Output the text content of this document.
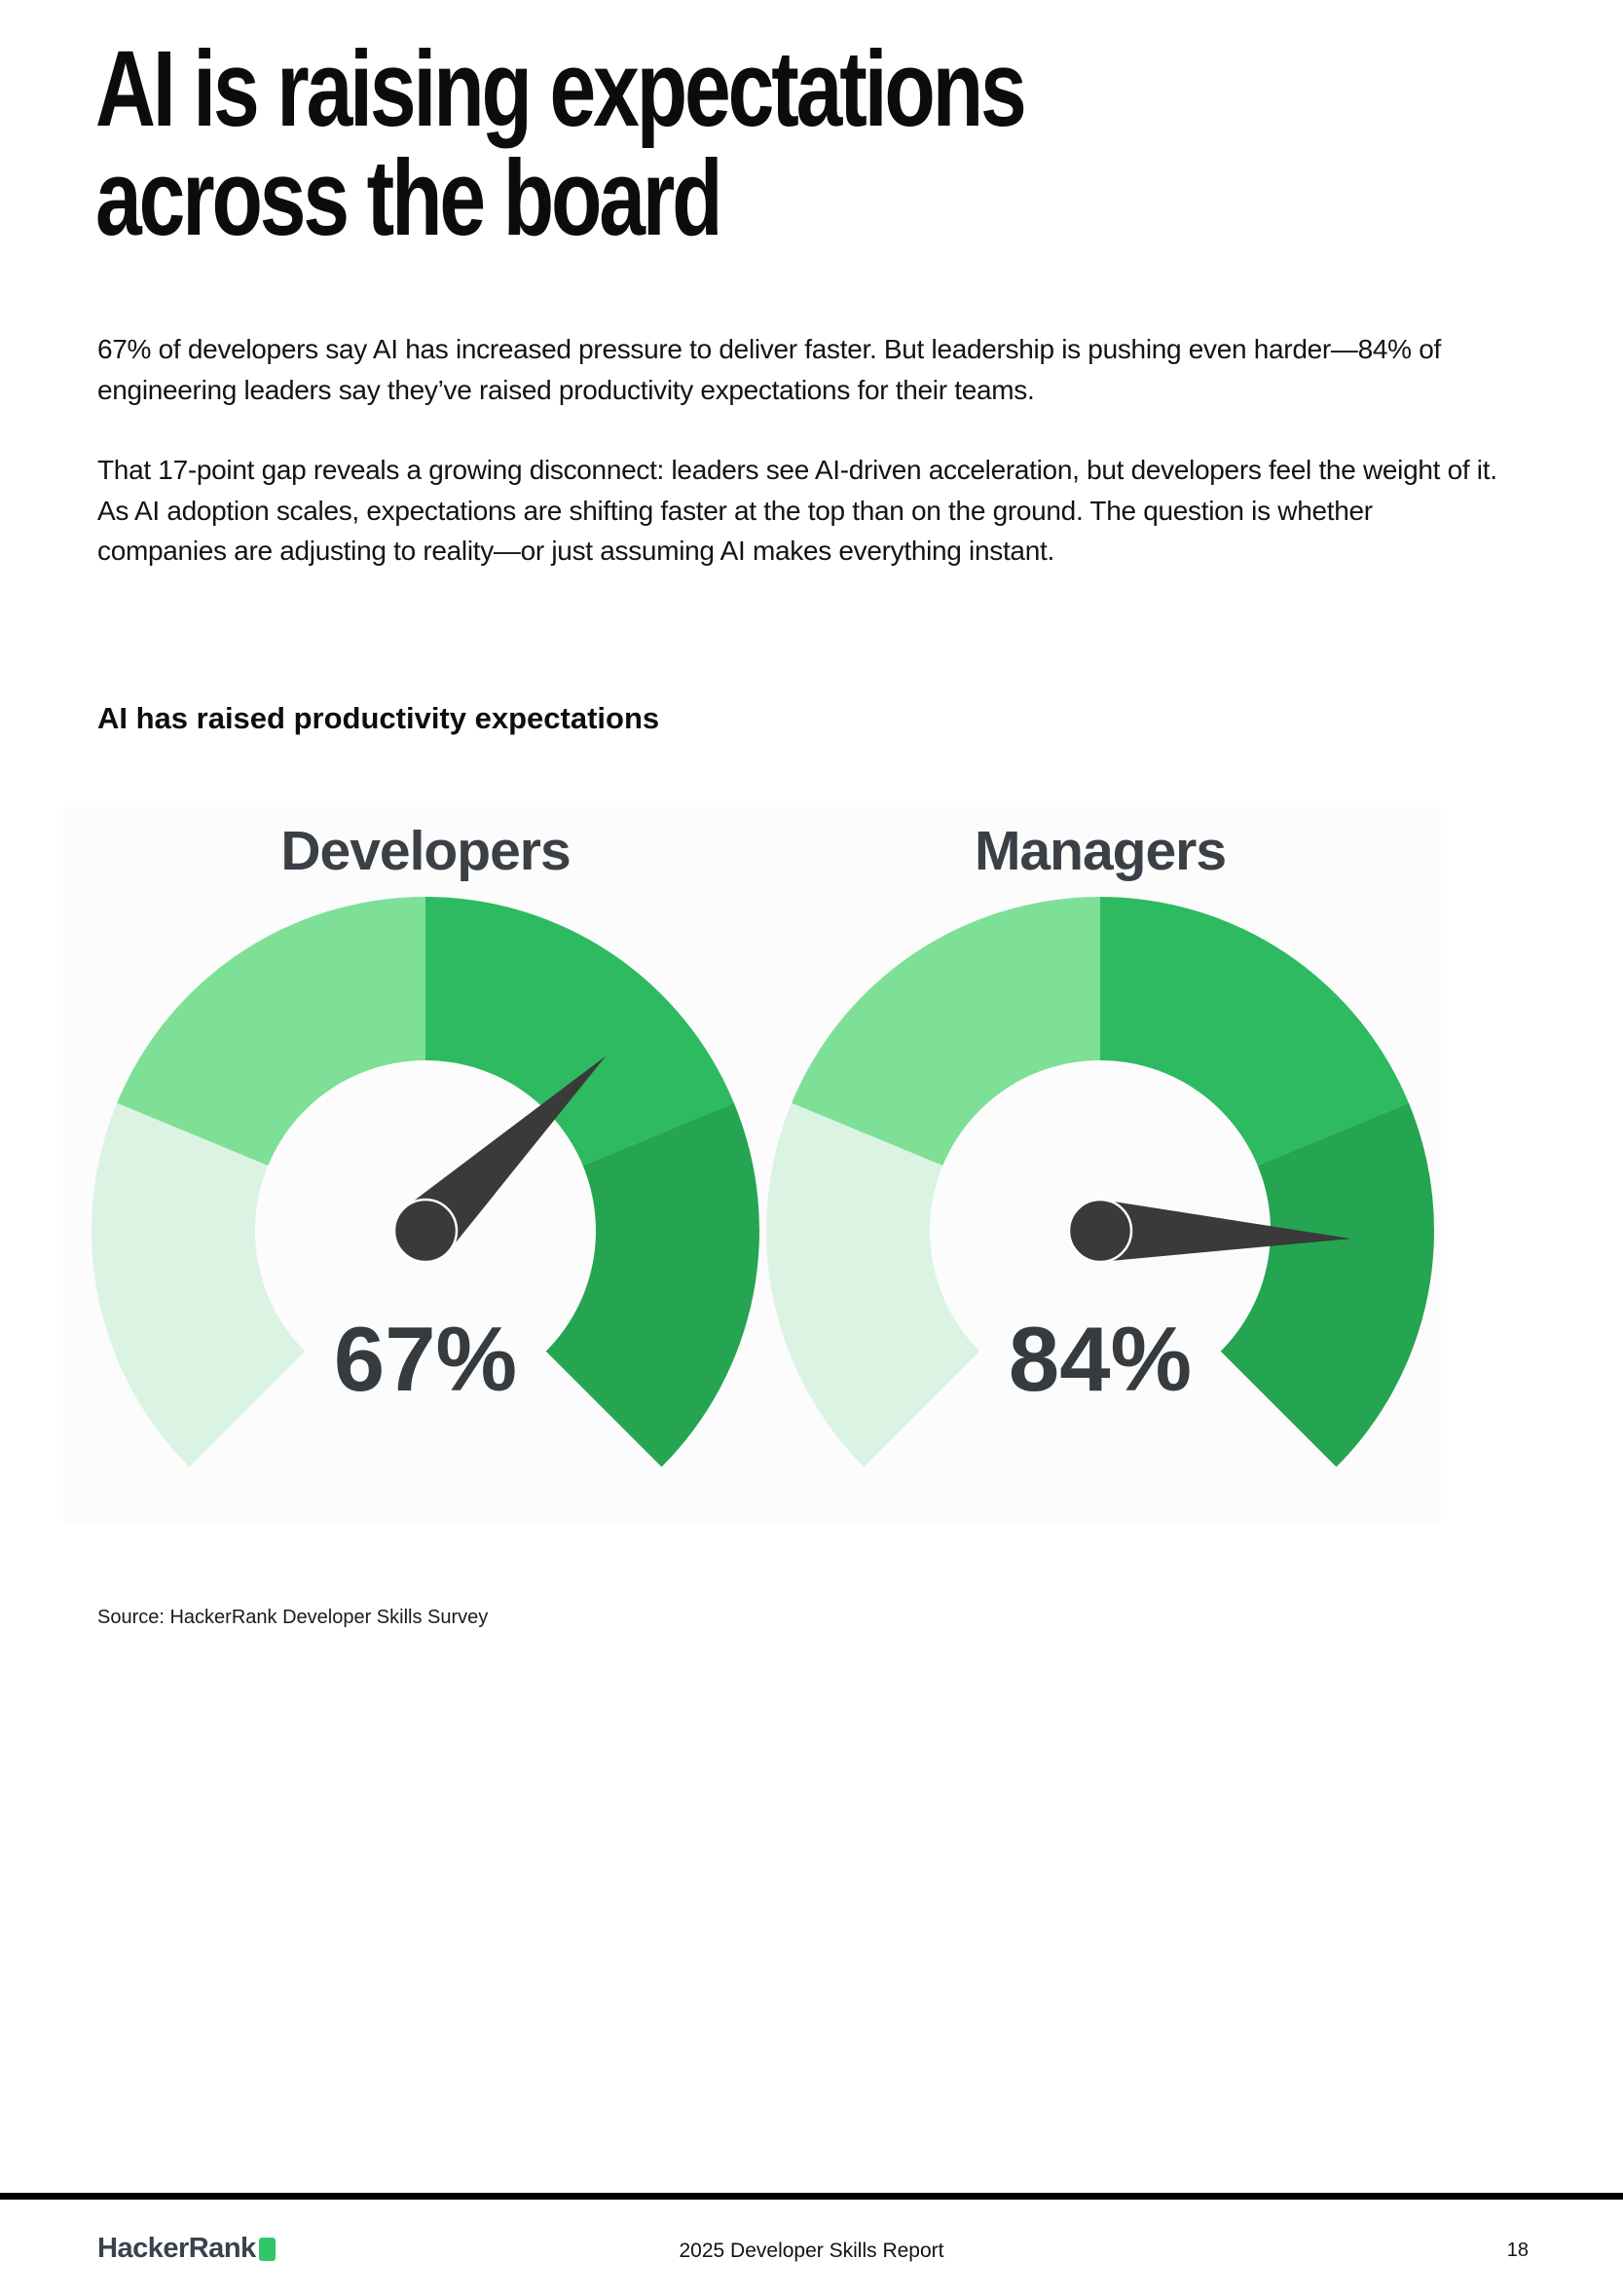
AI is raising expectations
across the board
67% of developers say AI has increased pressure to deliver faster. But leadership is pushing even harder—84% of
engineering leaders say they’ve raised productivity expectations for their teams.
That 17-point gap reveals a growing disconnect: leaders see AI-driven acceleration, but developers feel the weight of it.
As AI adoption scales, expectations are shifting faster at the top than on the ground. The question is whether
companies are adjusting to reality—or just assuming AI makes everything instant.
AI has raised productivity expectations
Developers
67%
Managers
84%
Source: HackerRank Developer Skills Survey
HackerRank	2025 Developer Skills Report	18
